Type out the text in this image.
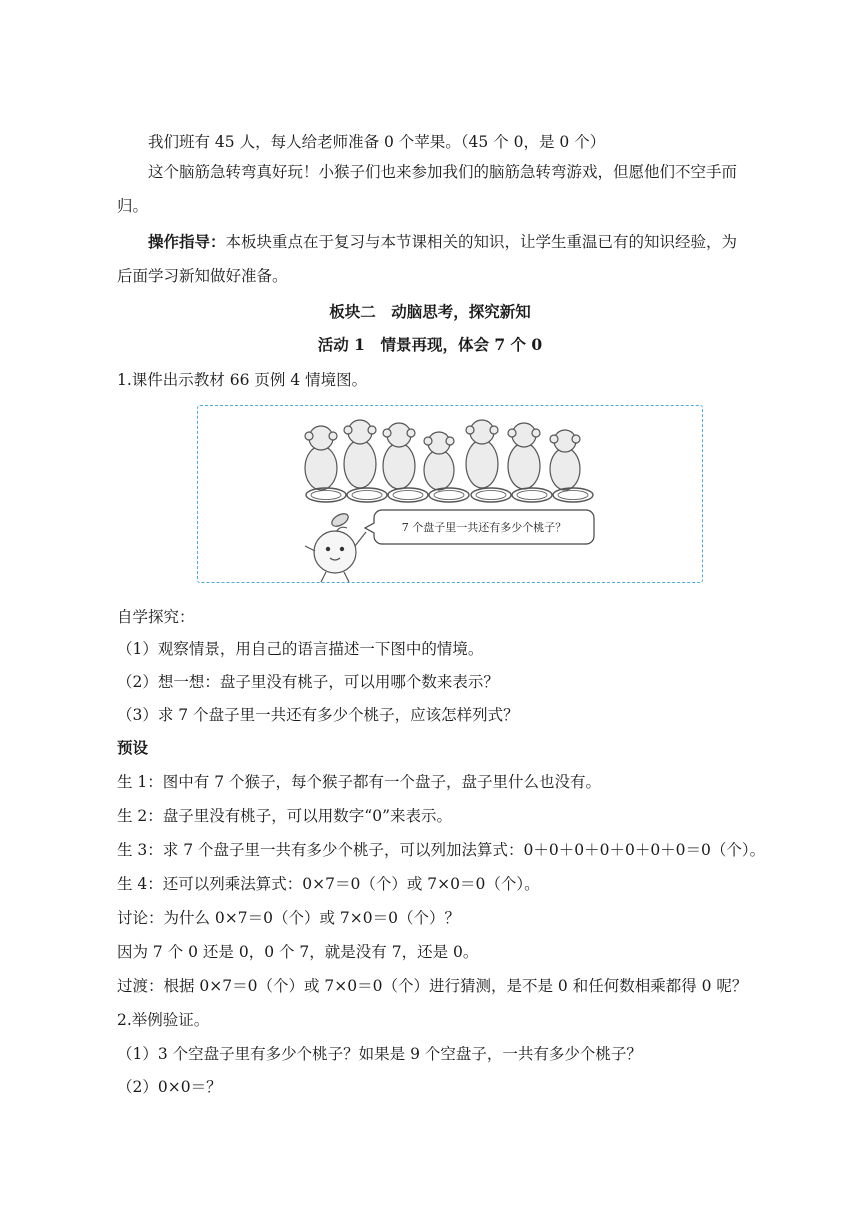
我们班有 45 人，每人给老师准备 0 个苹果。（45 个 0，是 0 个）
这个脑筋急转弯真好玩！小猴子们也来参加我们的脑筋急转弯游戏，但愿他们不空手而
归。
操作指导：本板块重点在于复习与本节课相关的知识，让学生重温已有的知识经验，为
后面学习新知做好准备。
板块二　动脑思考，探究新知
活动 1　情景再现，体会 7 个 0
1.课件出示教材 66 页例 4 情境图。
7 个盘子里一共还有多少个桃子？
自学探究：
（1）观察情景，用自己的语言描述一下图中的情境。
（2）想一想：盘子里没有桃子，可以用哪个数来表示？
（3）求 7 个盘子里一共还有多少个桃子，应该怎样列式？
预设
生 1：图中有 7 个猴子，每个猴子都有一个盘子，盘子里什么也没有。
生 2：盘子里没有桃子，可以用数字“0”来表示。
生 3：求 7 个盘子里一共有多少个桃子，可以列加法算式：0＋0＋0＋0＋0＋0＋0＝0（个）。
生 4：还可以列乘法算式：0×7＝0（个）或 7×0＝0（个）。
讨论：为什么 0×7＝0（个）或 7×0＝0（个）？
因为 7 个 0 还是 0，0 个 7，就是没有 7，还是 0。
过渡：根据 0×7＝0（个）或 7×0＝0（个）进行猜测，是不是 0 和任何数相乘都得 0 呢？
2.举例验证。
（1）3 个空盘子里有多少个桃子？如果是 9 个空盘子，一共有多少个桃子？
（2）0×0＝？
